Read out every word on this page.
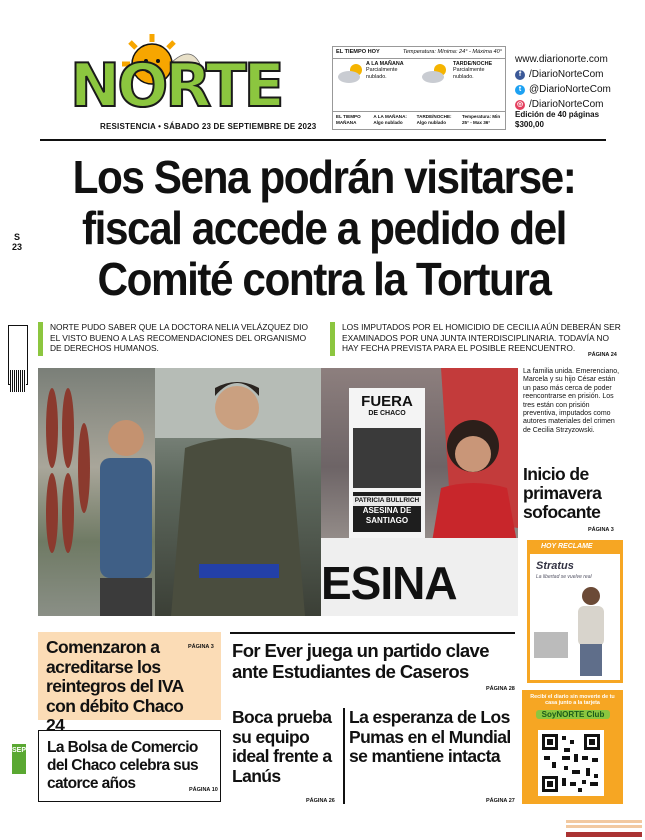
NORTE
RESISTENCIA • SÁBADO 23 DE SEPTIEMBRE DE 2023
EL TIEMPO HOY	Temperatura: Mínima: 24° - Máxima 40°
A LA MAÑANA
Parcialmente nublado.
TARDE/NOCHE
Parcialmente nublado.
EL TIEMPO MAÑANA
A LA MAÑANA: Algo nublado
TARDE/NOCHE: Algo nublado
Temperatura: Min 25° - Max 36°
www.diarionorte.com
f /DiarioNorteCom
t @DiarioNorteCom
◎ /DiarioNorteCom
Edición de 40 páginas
$300,00
Los Sena podrán visitarse:
fiscal accede a pedido del
Comité contra la Tortura
S
23
NORTE PUDO SABER QUE LA DOCTORA NELIA VELÁZQUEZ DIO EL VISTO BUENO A LAS RECOMENDACIONES DEL ORGANISMO DE DERECHOS HUMANOS.
LOS IMPUTADOS POR EL HOMICIDIO DE CECILIA AÚN DEBERÁN SER EXAMINADOS POR UNA JUNTA INTERDISCIPLINARIA. TODAVÍA NO HAY FECHA PREVISTA PARA EL POSIBLE REENCUENTRO.
PÁGINA 24
FUERA
DE CHACO
PATRICIA BULLRICH
ASESINA DE
SANTIAGO
ESINA
La familia unida. Emerenciano, Marcela y su hijo César están un paso más cerca de poder reencontrarse en prisión. Los tres están con prisión preventiva, imputados como autores materiales del crimen de Cecilia Strzyzowski.
Inicio de primavera sofocante
PÁGINA 3
HOY RECLAME
Stratus
La libertad se vuelve real
Recibí el diario sin moverte de tu casa junto a la tarjeta
SoyNORTE Club
Comenzaron a acreditarse los reintegros del IVA con débito Chaco 24
PÁGINA 3 For Ever juega un partido clave ante Estudiantes de Caseros
PÁGINA 28
La Bolsa de Comercio del Chaco celebra sus catorce años	PÁGINA 10
Boca prueba su equipo ideal frente a Lanús
PÁGINA 26
La esperanza de Los Pumas en el Mundial se mantiene intacta
PÁGINA 27
SEP
